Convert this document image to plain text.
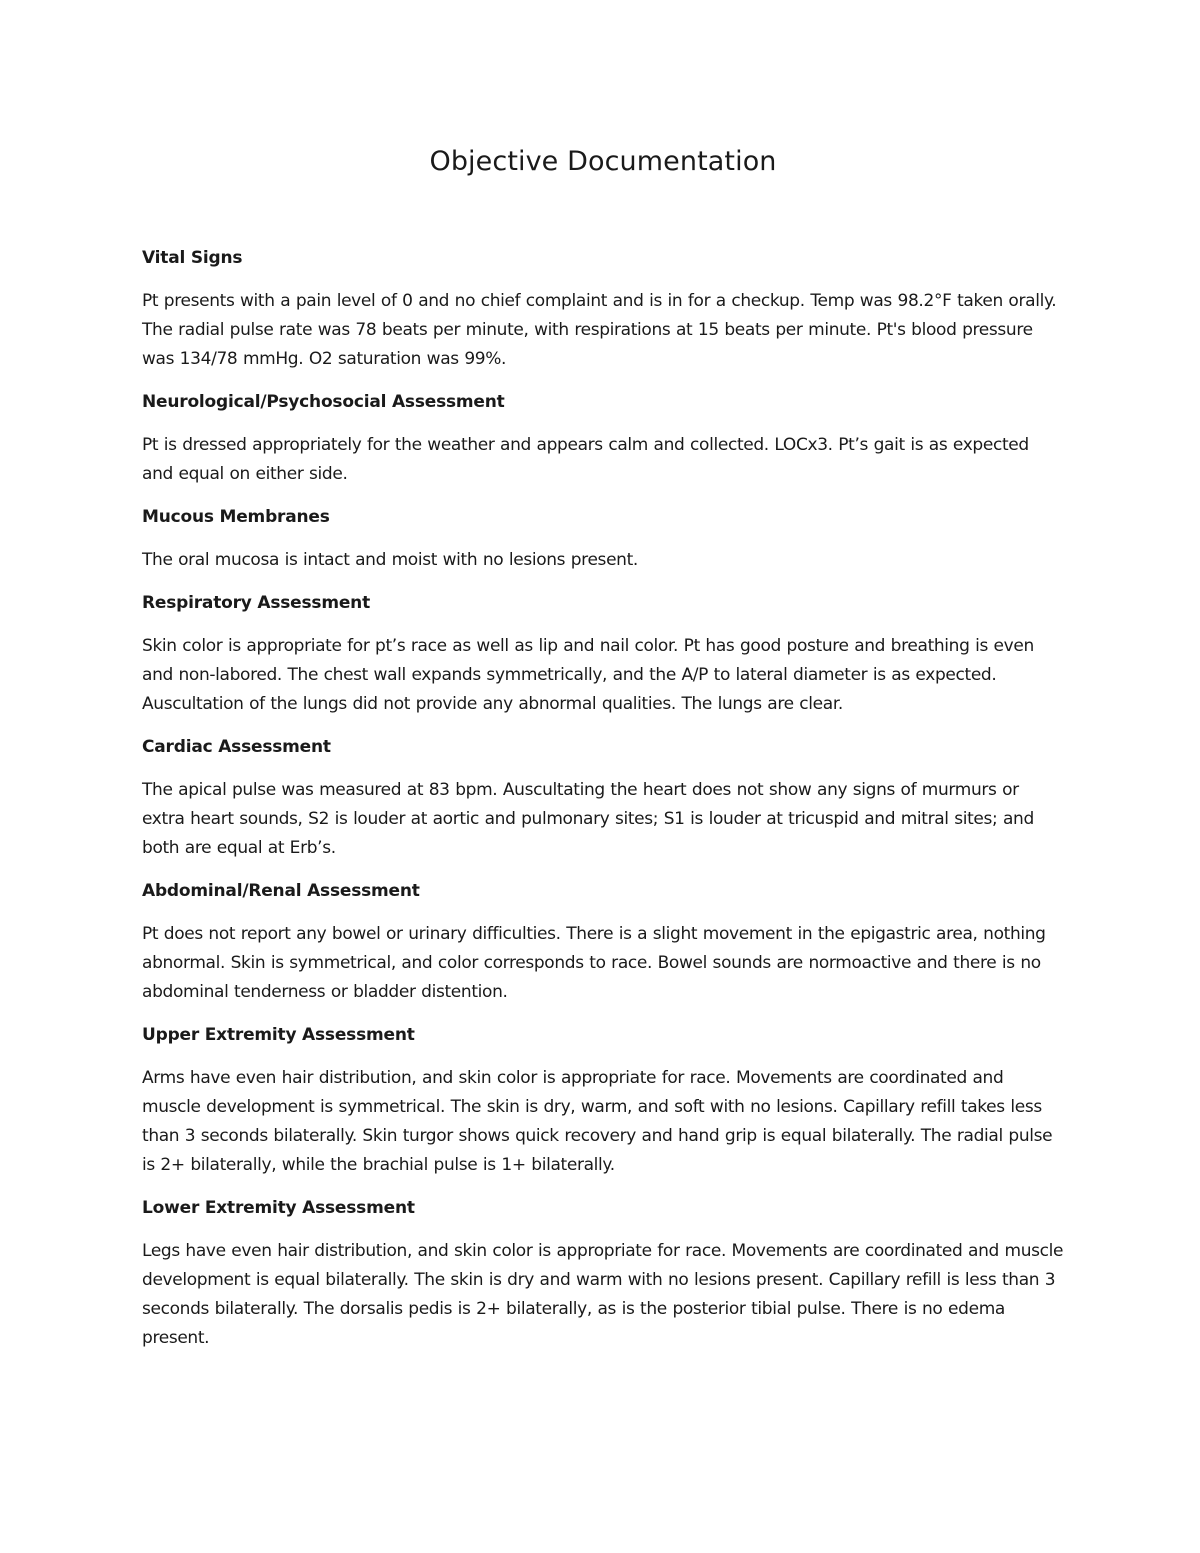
Objective Documentation
Vital Signs
Pt presents with a pain level of 0 and no chief complaint and is in for a checkup. Temp was 98.2°F taken orally. The radial pulse rate was 78 beats per minute, with respirations at 15 beats per minute. Pt's blood pressure was 134/78 mmHg. O2 saturation was 99%.
Neurological/Psychosocial Assessment
Pt is dressed appropriately for the weather and appears calm and collected. LOCx3. Pt’s gait is as expected and equal on either side.
Mucous Membranes
The oral mucosa is intact and moist with no lesions present.
Respiratory Assessment
Skin color is appropriate for pt’s race as well as lip and nail color. Pt has good posture and breathing is even and non-labored. The chest wall expands symmetrically, and the A/P to lateral diameter is as expected. Auscultation of the lungs did not provide any abnormal qualities. The lungs are clear.
Cardiac Assessment
The apical pulse was measured at 83 bpm. Auscultating the heart does not show any signs of murmurs or extra heart sounds, S2 is louder at aortic and pulmonary sites; S1 is louder at tricuspid and mitral sites; and both are equal at Erb’s.
Abdominal/Renal Assessment
Pt does not report any bowel or urinary difficulties. There is a slight movement in the epigastric area, nothing abnormal. Skin is symmetrical, and color corresponds to race. Bowel sounds are normoactive and there is no abdominal tenderness or bladder distention.
Upper Extremity Assessment
Arms have even hair distribution, and skin color is appropriate for race. Movements are coordinated and muscle development is symmetrical. The skin is dry, warm, and soft with no lesions. Capillary refill takes less than 3 seconds bilaterally. Skin turgor shows quick recovery and hand grip is equal bilaterally. The radial pulse is 2+ bilaterally, while the brachial pulse is 1+ bilaterally.
Lower Extremity Assessment
Legs have even hair distribution, and skin color is appropriate for race. Movements are coordinated and muscle development is equal bilaterally. The skin is dry and warm with no lesions present. Capillary refill is less than 3 seconds bilaterally. The dorsalis pedis is 2+ bilaterally, as is the posterior tibial pulse. There is no edema present.
